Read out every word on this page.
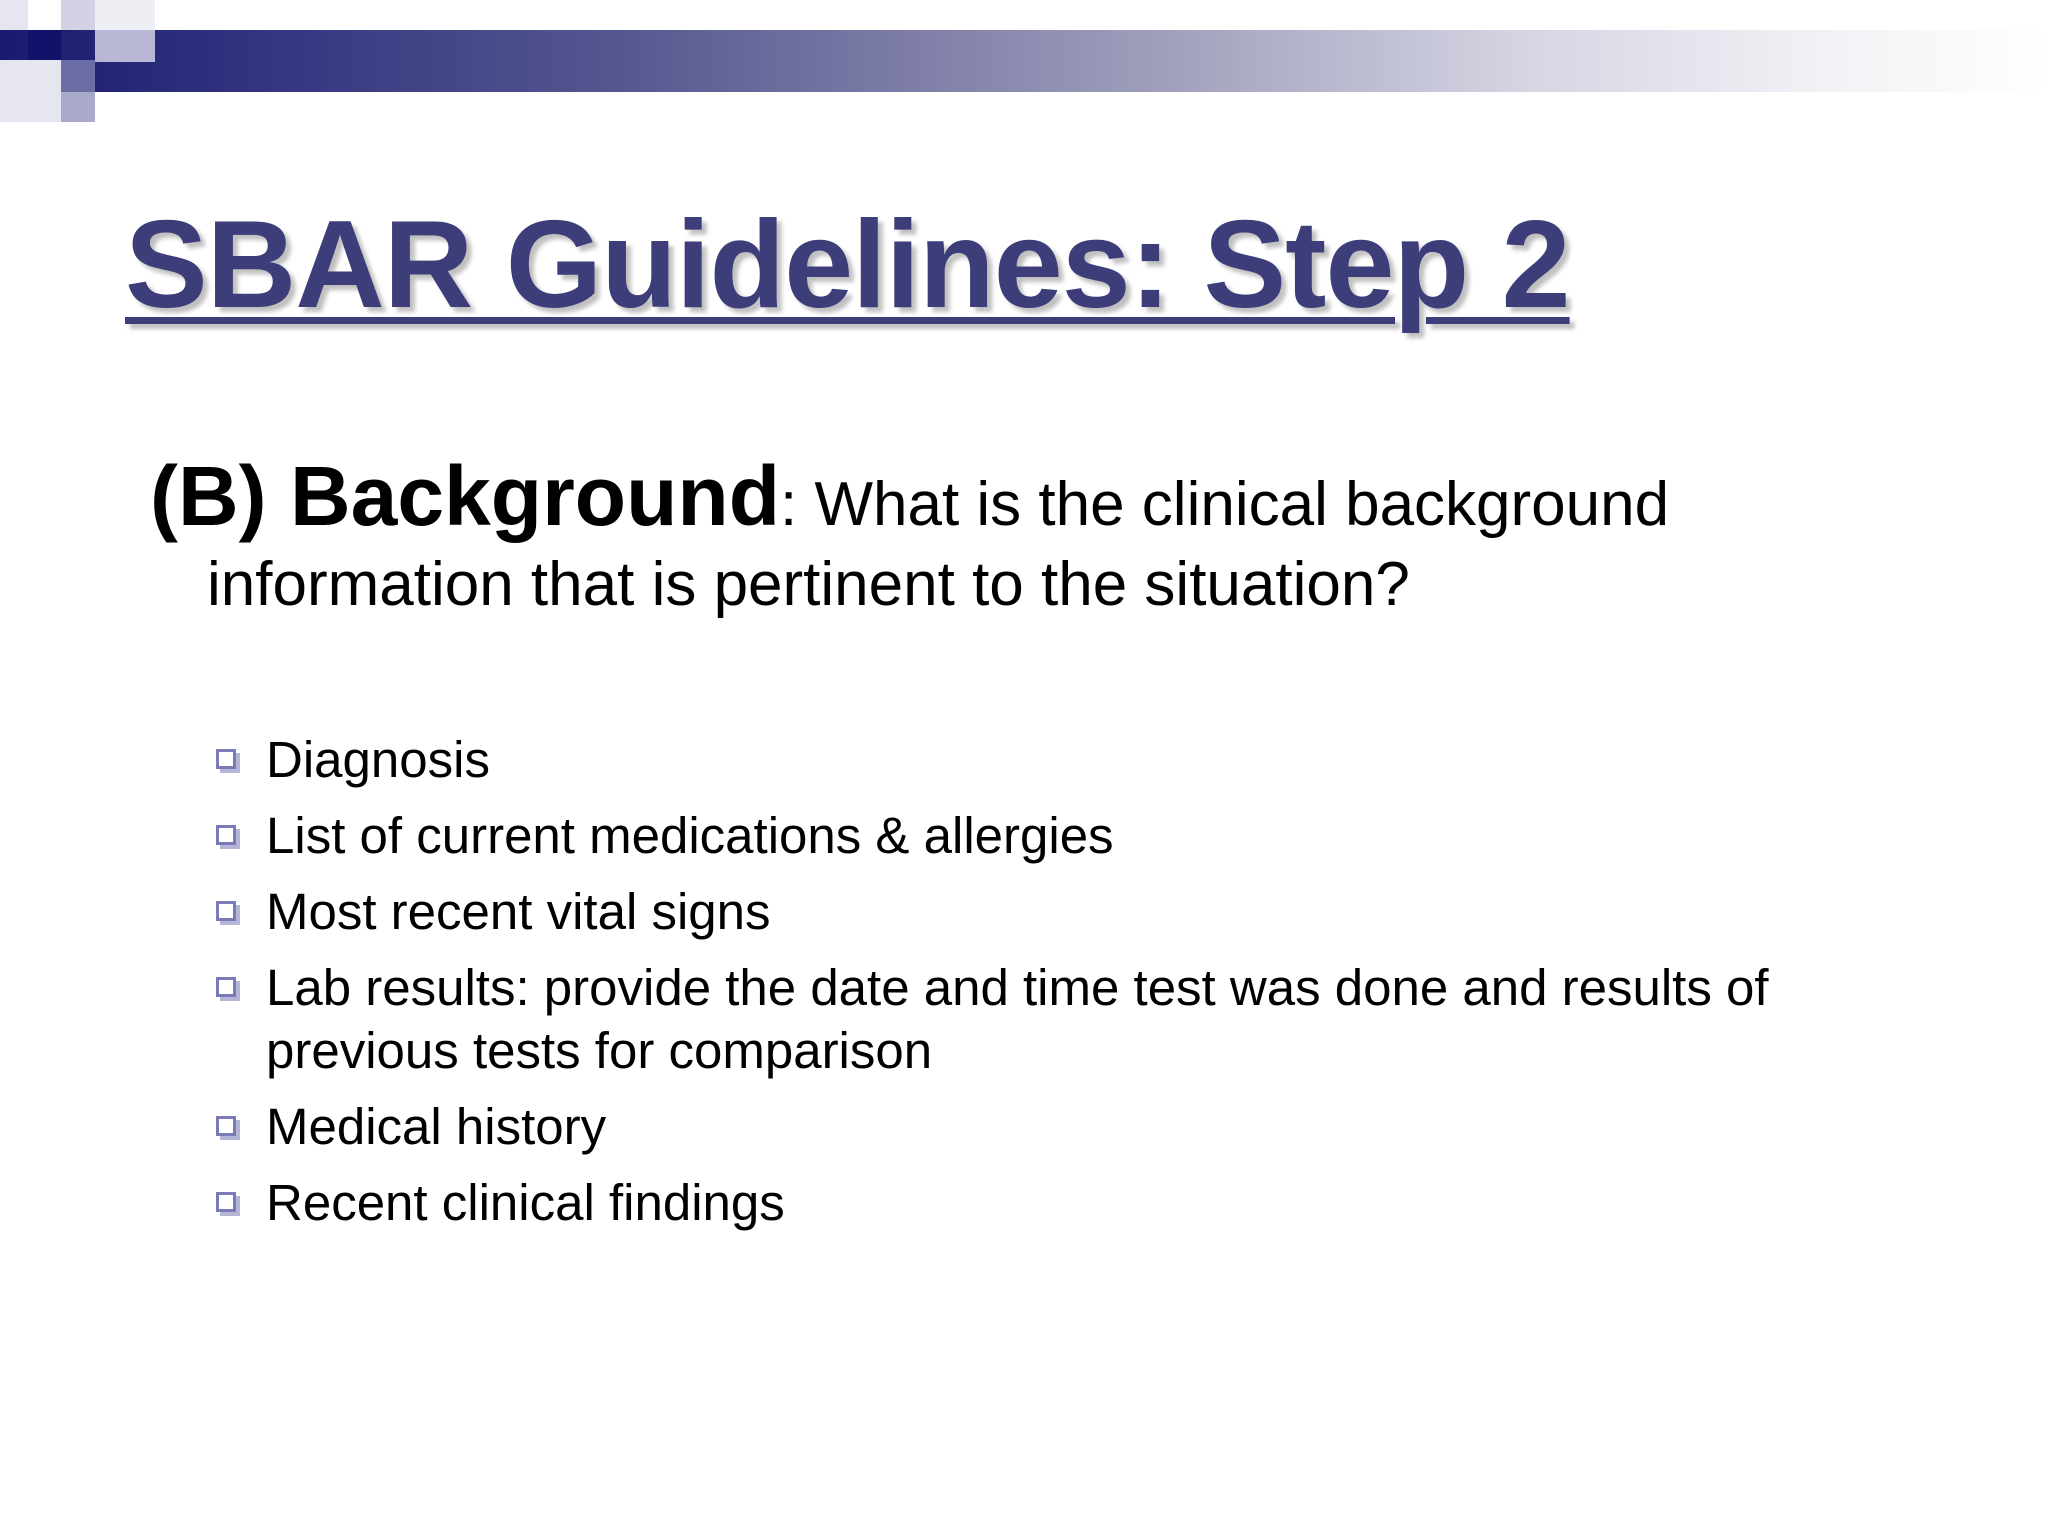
SBAR Guidelines: Step 2

(B) Background: What is the clinical background information that is pertinent to the situation?

Diagnosis
List of current medications & allergies
Most recent vital signs
Lab results: provide the date and time test was done and results of previous tests for comparison
Medical history
Recent clinical findings
